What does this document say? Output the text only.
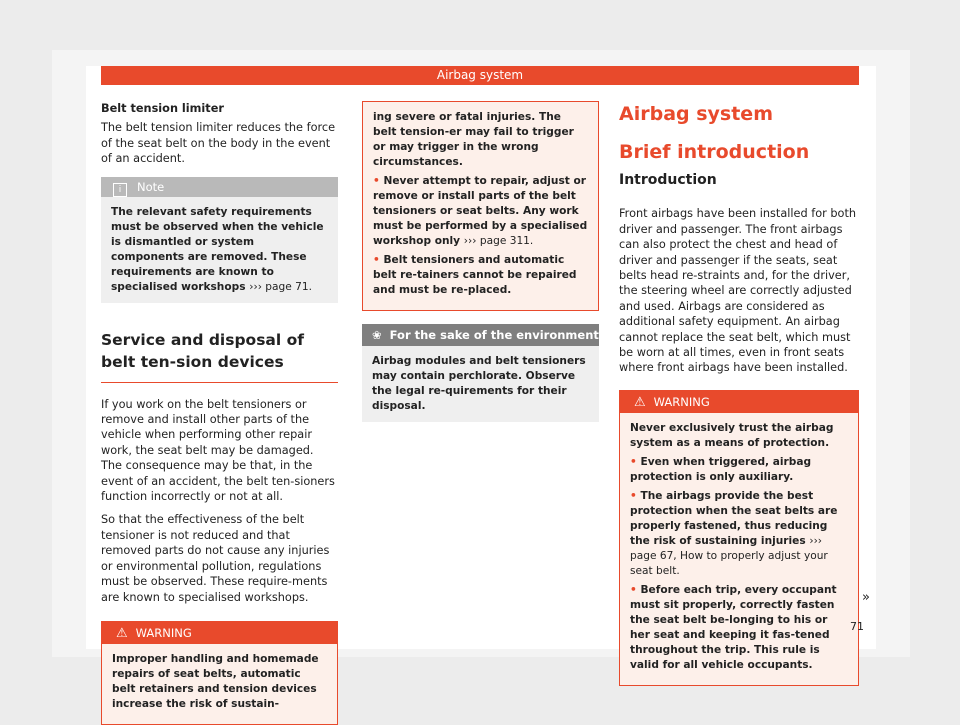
Airbag system

Belt tension limiter

The belt tension limiter reduces the force of the seat belt on the body in the event of an accident.

i Note
The relevant safety requirements must be observed when the vehicle is dismantled or system components are removed. These requirements are known to specialised workshops ››› page 71.
Service and disposal of belt ten-sion devices

If you work on the belt tensioners or remove and install other parts of the vehicle when performing other repair work, the seat belt may be damaged. The consequence may be that, in the event of an accident, the belt ten-sioners function incorrectly or not at all.

So that the effectiveness of the belt tensioner is not reduced and that removed parts do not cause any injuries or environmental pollution, regulations must be observed. These require-ments are known to specialised workshops.

⚠ WARNING

Improper handling and homemade repairs of seat belts, automatic belt retainers and tension devices increase the risk of sustain-

ing severe or fatal injuries. The belt tension-er may fail to trigger or may trigger in the wrong circumstances.

• Never attempt to repair, adjust or remove or install parts of the belt tensioners or seat belts. Any work must be performed by a specialised workshop only ››› page 311.

• Belt tensioners and automatic belt re-tainers cannot be repaired and must be re-placed.

❀ For the sake of the environment
Airbag modules and belt tensioners may contain perchlorate. Observe the legal re-quirements for their disposal.

Airbag system

Brief introduction

Introduction

Front airbags have been installed for both driver and passenger. The front airbags can also protect the chest and head of driver and passenger if the seats, seat belts head re-straints and, for the driver, the steering wheel are correctly adjusted and used. Airbags are considered as additional safety equipment. An airbag cannot replace the seat belt, which must be worn at all times, even in front seats where front airbags have been installed.

⚠ WARNING

Never exclusively trust the airbag system as a means of protection.

• Even when triggered, airbag protection is only auxiliary.

• The airbags provide the best protection when the seat belts are properly fastened, thus reducing the risk of sustaining injuries ››› page 67, How to properly adjust your seat belt.

• Before each trip, every occupant must sit properly, correctly fasten the seat belt be-longing to his or her seat and keeping it fas-tened throughout the trip. This rule is valid for all vehicle occupants.

»
71
